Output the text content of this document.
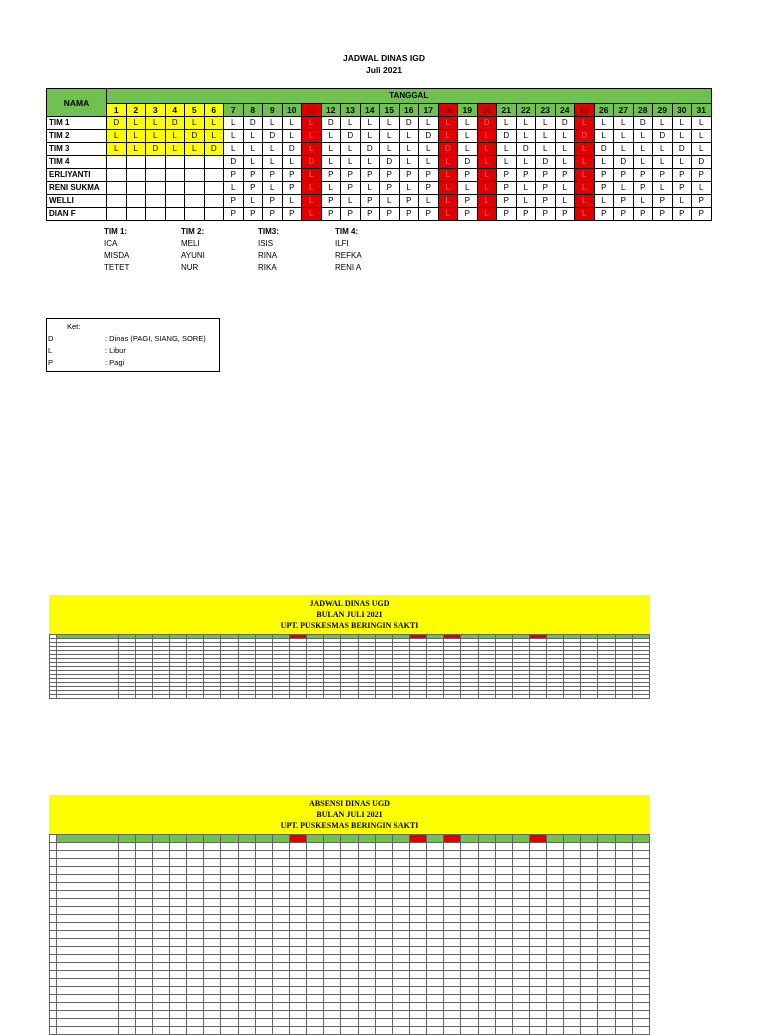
JADWAL DINAS IGD
Juli 2021
NAMA	TANGGAL																														
	1	2	3	4	5	6	7	8	9	10	11	12	13	14	15	16	17	18	19	20	21	22	23	24	25	26	27	28	29	30	31
TIM 1	D	L	L	D	L	L	L	D	L	L	L	D	L	L	L	D	L	L	L	D	L	L	L	D	L	L	L	D	L	L	L
TIM 2	L	L	L	L	D	L	L	L	D	L	L	L	D	L	L	L	D	L	L	L	D	L	L	L	D	L	L	L	D	L	L
TIM 3	L	L	D	L	L	D	L	L	L	D	L	L	L	D	L	L	L	D	L	L	L	D	L	L	L	D	L	L	L	D	L
TIM 4							D	L	L	L	D	L	L	L	D	L	L	L	D	L	L	L	D	L	L	L	D	L	L	L	D
ERLIYANTI							P	P	P	P	L	P	P	P	P	P	P	L	P	L	P	P	P	P	L	P	P	P	P	P	P
RENI SUKMA							L	P	L	P	L	L	P	L	P	L	P	L	L	L	P	L	P	L	L	P	L	P	L	P	L
WELLI							P	L	P	L	L	P	L	P	L	P	L	L	P	L	P	L	P	L	L	L	P	L	P	L	P
DIAN F							P	P	P	P	L	P	P	P	P	P	P	L	P	L	P	P	P	P	L	P	P	P	P	P	P
TIM 1:
ICA
MISDA
TETET
TIM 2:
MELI
AYUNI
NUR
TIM3:
ISIS
RINA
RIKA
TIM 4:
ILFI
REFKA
RENI A
Ket:
D	: Dinas (PAGI, SIANG, SORE)
L	: Libur
P	: Pagi
JADWAL DINAS UGD
BULAN JULI 2021
UPT. PUSKESMAS BERINGIN SAKTI

ABSENSI DINAS UGD
BULAN JULI 2021
UPT. PUSKESMAS BERINGIN SAKTI
